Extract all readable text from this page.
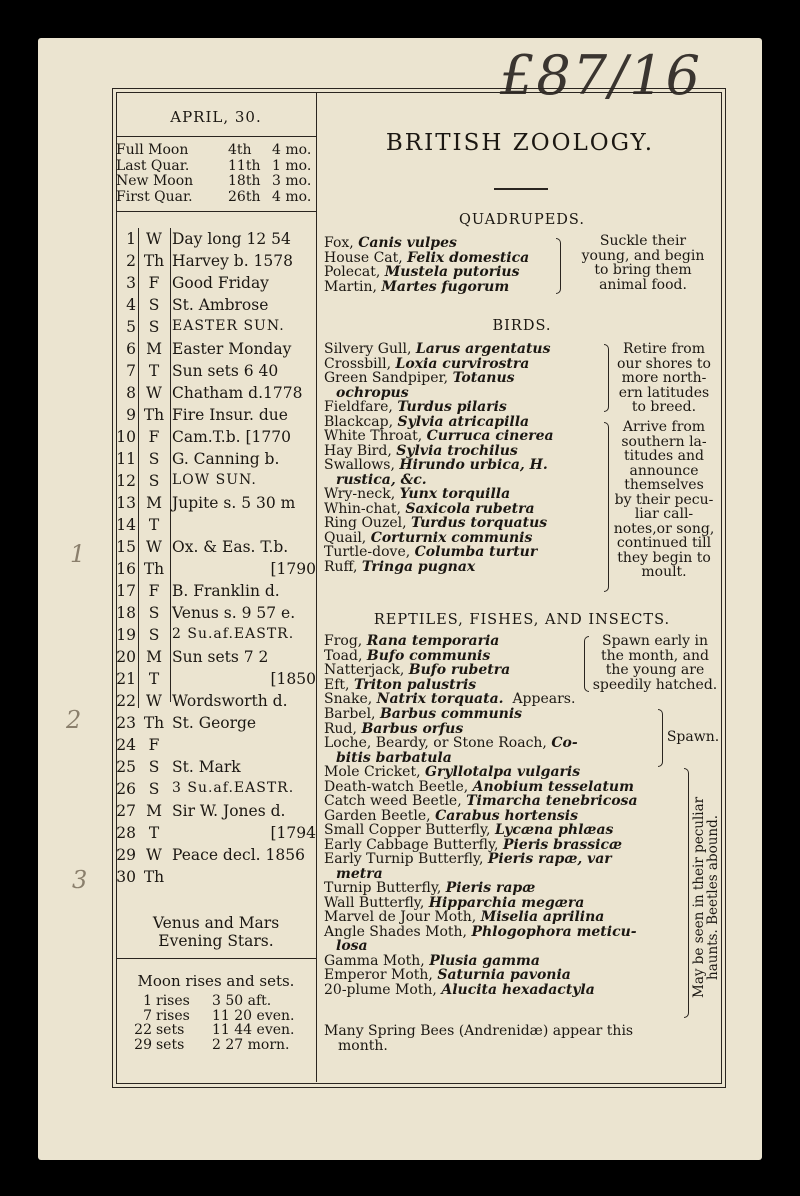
£87/16
1
2
3
APRIL, 30.
Full Moon	4th	4 mo.
Last Quar.	11th 1 mo.
New Moon	18th 3 mo.
First Quar.	26th 4 mo.
1 W Day long 12 54
2 Th Harvey b. 1578
3 F Good Friday
4 S St. Ambrose
5 S EASTER SUN.
6 M Easter Monday
7 T Sun sets 6 40
8 W Chatham d.1778
9 Th Fire Insur. due
10 F Cam.T.b. [1770
11 S G. Canning b.
12 S LOW SUN.
13 M Jupite s. 5 30 m
14 T
15 W Ox. & Eas. T.b.
16 Th	[1790
17 F B. Franklin d.
18 S Venus s. 9 57 e.
19 S 2 Su.af.EASTR.
20 M Sun sets 7 2
21 T	[1850
22 W Wordsworth d.
23 Th St. George
24 F
25 S St. Mark
26 S 3 Su.af.EASTR.
27 M Sir W. Jones d.
28 T	[1794
29 W Peace decl. 1856
30 Th
Venus and Mars
Evening Stars.
Moon rises and sets.
1 rises 3 50 aft.
7 rises 11 20 even.
22 sets 11 44 even.
29 sets 2 27 morn.
BRITISH ZOOLOGY.
QUADRUPEDS.
Fox, Canis vulpes
House Cat, Felix domestica
Polecat, Mustela putorius
Martin, Martes fugorum
Suckle their
young, and begin
to bring them
animal food.
BIRDS.
Silvery Gull, Larus argentatus
Crossbill, Loxia curvirostra
Green Sandpiper, Totanus
ochropus
Fieldfare, Turdus pilaris
Blackcap, Sylvia atricapilla
White Throat, Curruca cinerea
Hay Bird, Sylvia trochilus
Swallows, Hirundo urbica, H.
rustica, &c.
Wry-neck, Yunx torquilla
Whin-chat, Saxicola rubetra
Ring Ouzel, Turdus torquatus
Quail, Corturnix communis
Turtle-dove, Columba turtur
Ruff, Tringa pugnax
Retire from
our shores to
more north-
ern latitudes
to breed.
Arrive from
southern la-
titudes and
announce
themselves
by their pecu-
liar call-
notes,or song,
continued till
they begin to
moult.
REPTILES, FISHES, AND INSECTS.
Frog, Rana temporaria
Toad, Bufo communis
Natterjack, Bufo rubetra
Eft, Triton palustris
Spawn early in
the month, and
the young are
speedily hatched.
Snake, Natrix torquata. Appears.
Barbel, Barbus communis
Rud, Barbus orfus
Loche, Beardy, or Stone Roach, Co-
bitis barbatula
Spawn.
Mole Cricket, Gryllotalpa vulgaris
Death-watch Beetle, Anobium tesselatum
Catch weed Beetle, Timarcha tenebricosa
Garden Beetle, Carabus hortensis
Small Copper Butterfly, Lycæna phlæas
Early Cabbage Butterfly, Pieris brassicæ
Early Turnip Butterfly, Pieris rapæ, var
metra
Turnip Butterfly, Pieris rapæ
Wall Butterfly, Hipparchia megæra
Marvel de Jour Moth, Miselia aprilina
Angle Shades Moth, Phlogophora meticu-
losa
Gamma Moth, Plusia gamma
Emperor Moth, Saturnia pavonia
20-plume Moth, Alucita hexadactyla	May be seen in their peculiar
haunts. Beetles abound.
Many Spring Bees (Andrenidæ) appear this
month.
